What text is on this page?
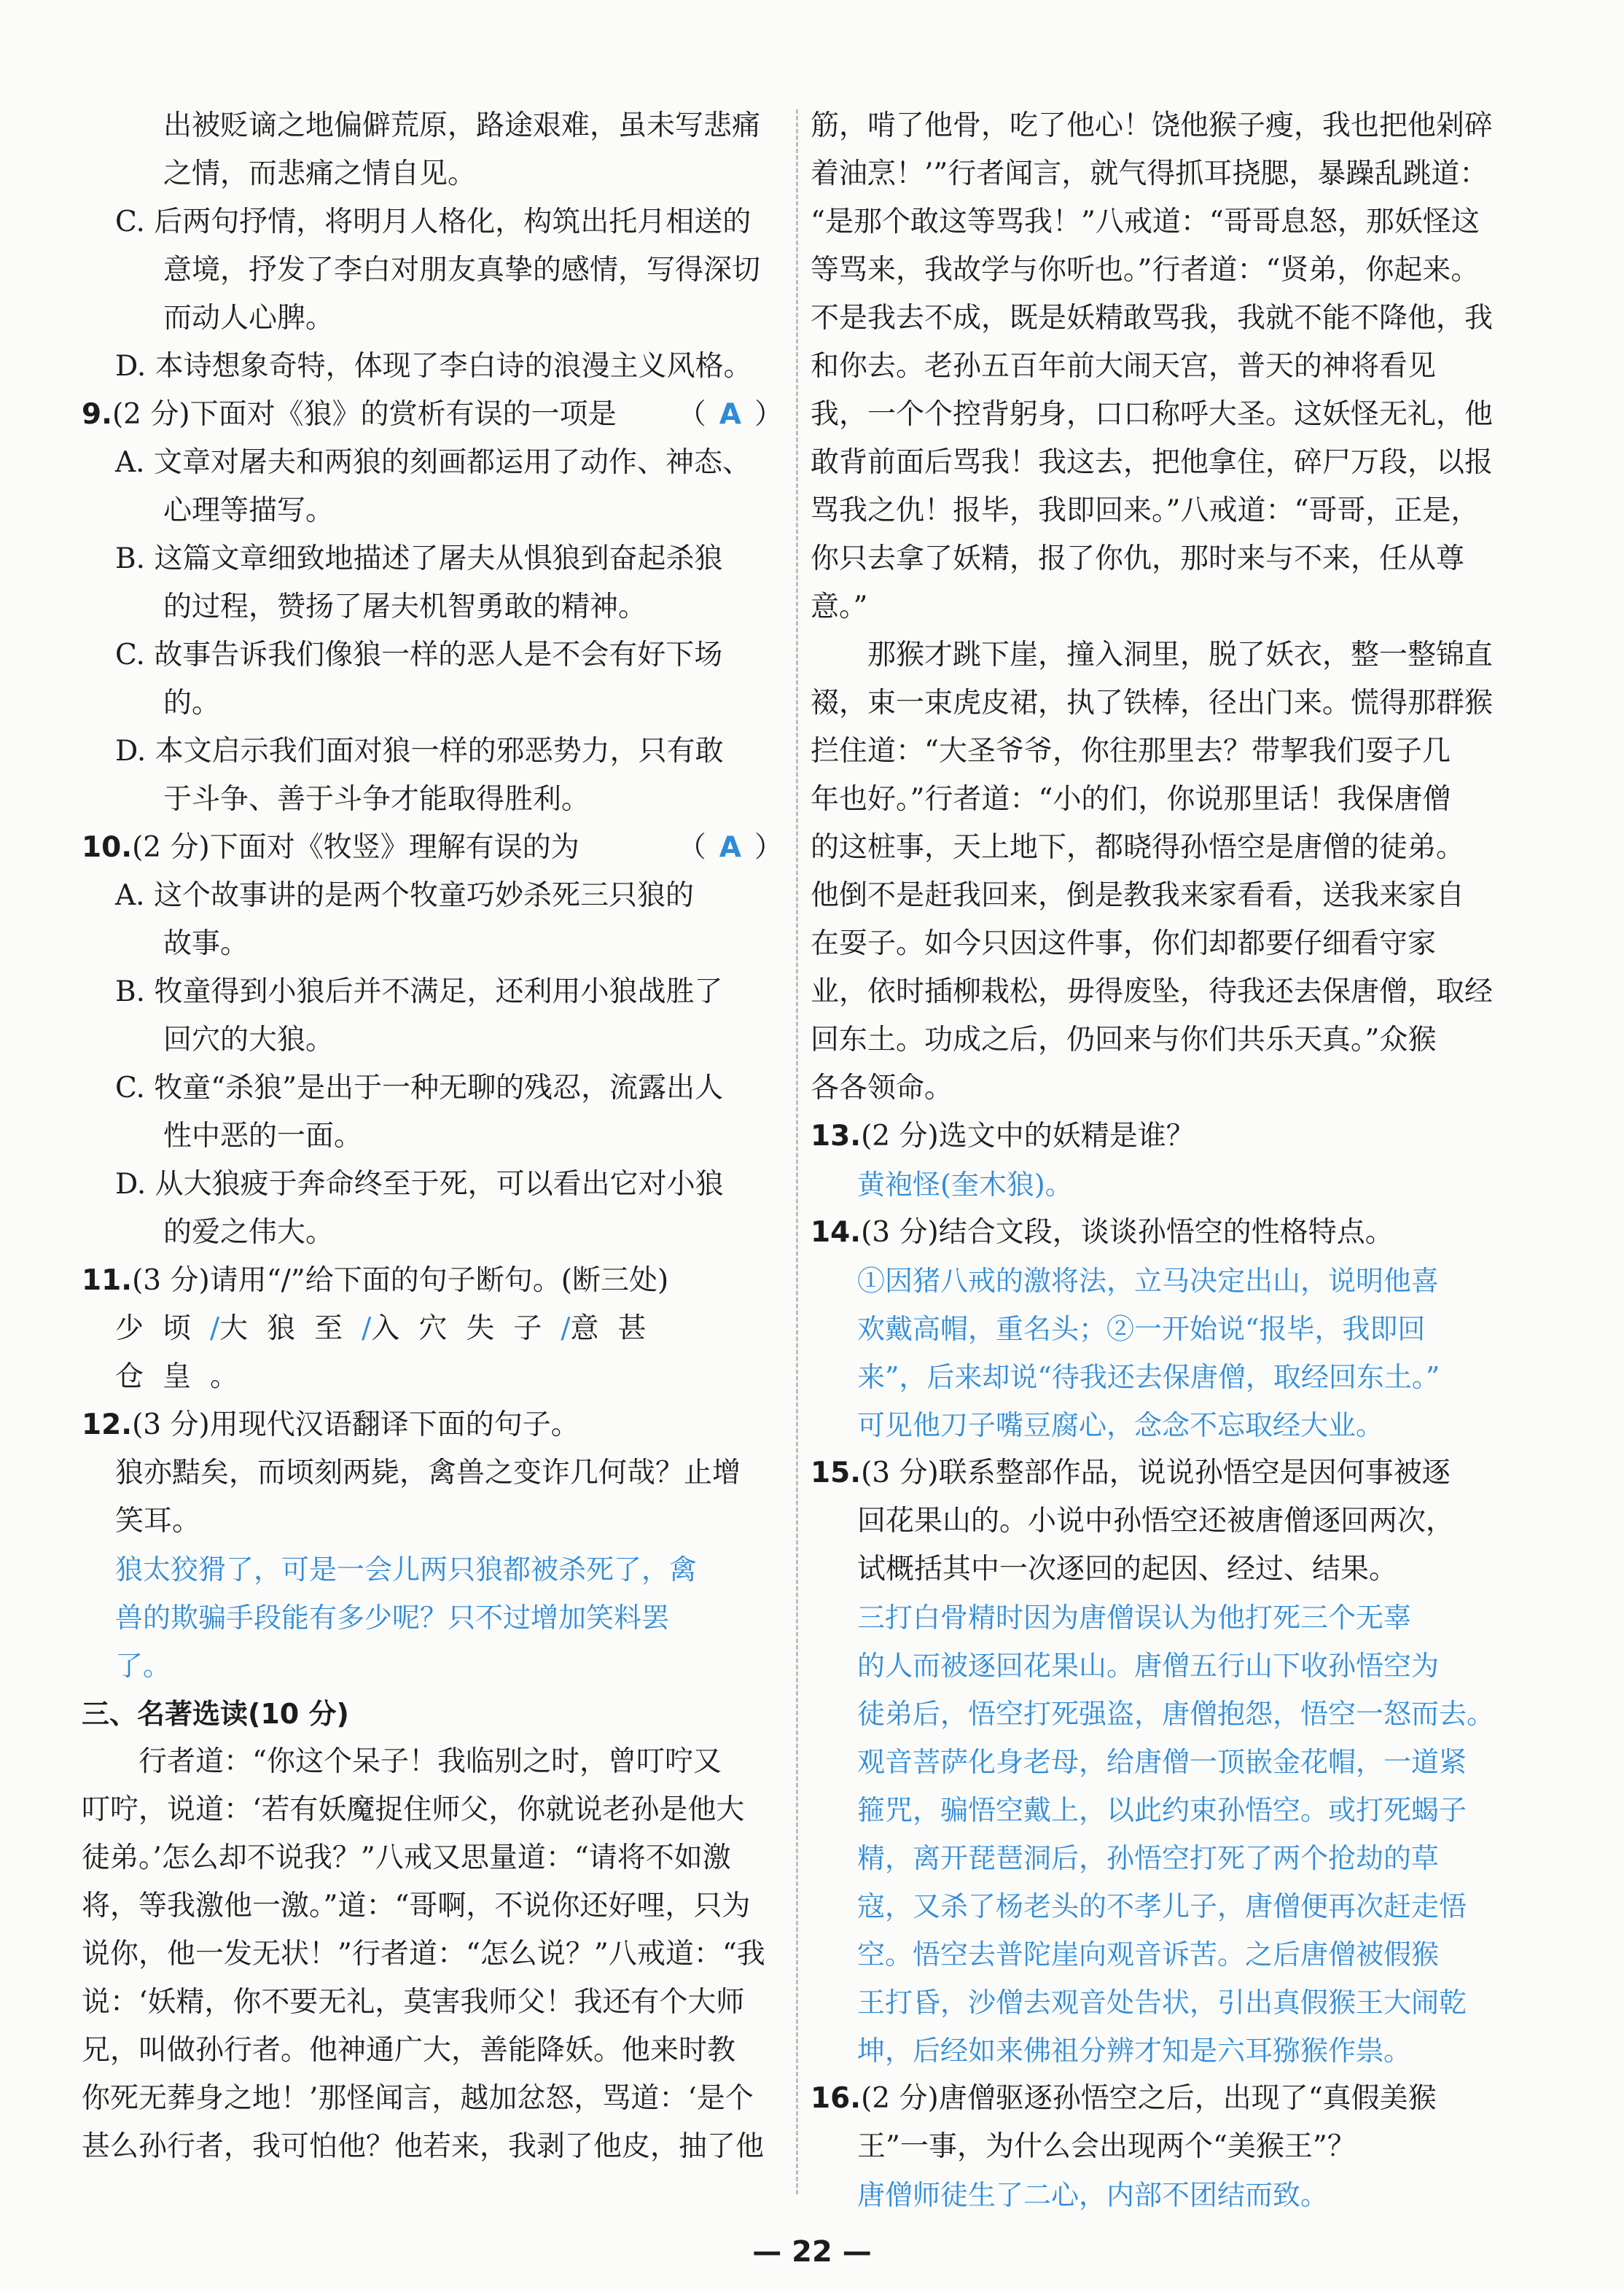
出被贬谪之地偏僻荒原，路途艰难，虽未写悲痛
之情，而悲痛之情自见。
C. 后两句抒情，将明月人格化，构筑出托月相送的
意境，抒发了李白对朋友真挚的感情，写得深切
而动人心脾。
D. 本诗想象奇特，体现了李白诗的浪漫主义风格。
9.(2 分)下面对《狼》的赏析有误的一项是 （ A ）
A. 文章对屠夫和两狼的刻画都运用了动作、神态、
心理等描写。
B. 这篇文章细致地描述了屠夫从惧狼到奋起杀狼
的过程，赞扬了屠夫机智勇敢的精神。
C. 故事告诉我们像狼一样的恶人是不会有好下场
的。
D. 本文启示我们面对狼一样的邪恶势力，只有敢
于斗争、善于斗争才能取得胜利。
10.(2 分)下面对《牧竖》理解有误的为	（ A ）
A. 这个故事讲的是两个牧童巧妙杀死三只狼的
故事。
B. 牧童得到小狼后并不满足，还利用小狼战胜了
回穴的大狼。
C. 牧童“杀狼”是出于一种无聊的残忍，流露出人
性中恶的一面。
D. 从大狼疲于奔命终至于死，可以看出它对小狼
的爱之伟大。
11.(3 分)请用“/”给下面的句子断句。(断三处)
少顷/大狼至/入穴失子/意甚
仓皇。
12.(3 分)用现代汉语翻译下面的句子。
狼亦黠矣，而顷刻两毙，禽兽之变诈几何哉？止增
笑耳。
狼太狡猾了，可是一会儿两只狼都被杀死了，禽
兽的欺骗手段能有多少呢？只不过增加笑料罢
了。
三、名著选读(10 分)
行者道：“你这个呆子！我临别之时，曾叮咛又
叮咛，说道：‘若有妖魔捉住师父，你就说老孙是他大
徒弟。’怎么却不说我？”八戒又思量道：“请将不如激
将，等我激他一激。”道：“哥啊，不说你还好哩，只为
说你，他一发无状！”行者道：“怎么说？”八戒道：“我
说：‘妖精，你不要无礼，莫害我师父！我还有个大师
兄，叫做孙行者。他神通广大，善能降妖。他来时教
你死无葬身之地！’那怪闻言，越加忿怒，骂道：‘是个
甚么孙行者，我可怕他？他若来，我剥了他皮，抽了他
筋，啃了他骨，吃了他心！饶他猴子瘦，我也把他剁碎
着油烹！’”行者闻言，就气得抓耳挠腮，暴躁乱跳道：
“是那个敢这等骂我！”八戒道：“哥哥息怒，那妖怪这
等骂来，我故学与你听也。”行者道：“贤弟，你起来。
不是我去不成，既是妖精敢骂我，我就不能不降他，我
和你去。老孙五百年前大闹天宫，普天的神将看见
我，一个个控背躬身，口口称呼大圣。这妖怪无礼，他
敢背前面后骂我！我这去，把他拿住，碎尸万段，以报
骂我之仇！报毕，我即回来。”八戒道：“哥哥，正是，
你只去拿了妖精，报了你仇，那时来与不来，任从尊
意。”
那猴才跳下崖，撞入洞里，脱了妖衣，整一整锦直
裰，束一束虎皮裙，执了铁棒，径出门来。慌得那群猴
拦住道：“大圣爷爷，你往那里去？带挈我们耍子几
年也好。”行者道：“小的们，你说那里话！我保唐僧
的这桩事，天上地下，都晓得孙悟空是唐僧的徒弟。
他倒不是赶我回来，倒是教我来家看看，送我来家自
在耍子。如今只因这件事，你们却都要仔细看守家
业，依时插柳栽松，毋得废坠，待我还去保唐僧，取经
回东土。功成之后，仍回来与你们共乐天真。”众猴
各各领命。
13.(2 分)选文中的妖精是谁？
黄袍怪(奎木狼)。
14.(3 分)结合文段，谈谈孙悟空的性格特点。
①因猪八戒的激将法，立马决定出山，说明他喜
欢戴高帽，重名头；②一开始说“报毕，我即回
来”，后来却说“待我还去保唐僧，取经回东土。”
可见他刀子嘴豆腐心，念念不忘取经大业。
15.(3 分)联系整部作品，说说孙悟空是因何事被逐
回花果山的。小说中孙悟空还被唐僧逐回两次，
试概括其中一次逐回的起因、经过、结果。
三打白骨精时因为唐僧误认为他打死三个无辜
的人而被逐回花果山。唐僧五行山下收孙悟空为
徒弟后，悟空打死强盗，唐僧抱怨，悟空一怒而去。
观音菩萨化身老母，给唐僧一顶嵌金花帽，一道紧
箍咒，骗悟空戴上，以此约束孙悟空。或打死蝎子
精，离开琵琶洞后，孙悟空打死了两个抢劫的草
寇，又杀了杨老头的不孝儿子，唐僧便再次赶走悟
空。悟空去普陀崖向观音诉苦。之后唐僧被假猴
王打昏，沙僧去观音处告状，引出真假猴王大闹乾
坤，后经如来佛祖分辨才知是六耳猕猴作祟。
16.(2 分)唐僧驱逐孙悟空之后，出现了“真假美猴
王”一事，为什么会出现两个“美猴王”？
唐僧师徒生了二心，内部不团结而致。
— 22 —
